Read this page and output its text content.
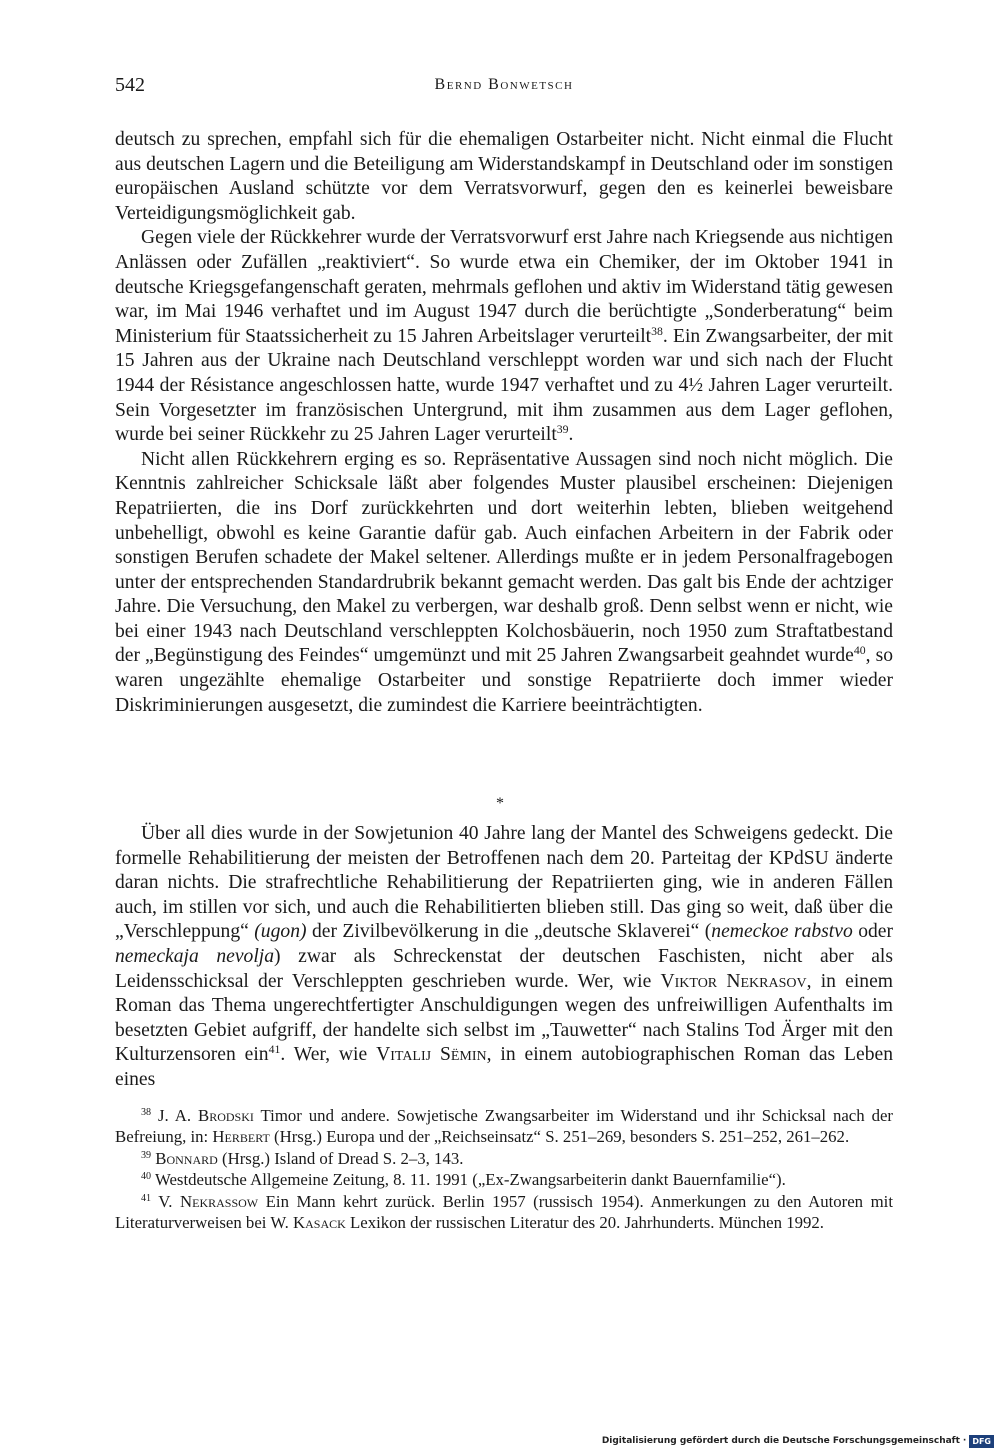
542	Bernd Bonwetsch

deutsch zu sprechen, empfahl sich für die ehemaligen Ostarbeiter nicht. Nicht einmal die Flucht aus deutschen Lagern und die Beteiligung am Widerstandskampf in Deutschland oder im sonstigen europäischen Ausland schützte vor dem Verratsvorwurf, gegen den es keinerlei beweisbare Verteidigungsmöglichkeit gab.

Gegen viele der Rückkehrer wurde der Verratsvorwurf erst Jahre nach Kriegsende aus nichtigen Anlässen oder Zufällen „reaktiviert“. So wurde etwa ein Chemiker, der im Oktober 1941 in deutsche Kriegsgefangenschaft geraten, mehrmals geflohen und aktiv im Widerstand tätig gewesen war, im Mai 1946 verhaftet und im August 1947 durch die berüchtigte „Sonderberatung“ beim Ministerium für Staatssicherheit zu 15 Jahren Arbeitslager verurteilt$^{38}$. Ein Zwangsarbeiter, der mit 15 Jahren aus der Ukraine nach Deutschland verschleppt worden war und sich nach der Flucht 1944 der Résistance angeschlossen hatte, wurde 1947 verhaftet und zu 4½ Jahren Lager verurteilt. Sein Vorgesetzter im französischen Untergrund, mit ihm zusammen aus dem Lager geflohen, wurde bei seiner Rückkehr zu 25 Jahren Lager verurteilt$^{39}$.

Nicht allen Rückkehrern erging es so. Repräsentative Aussagen sind noch nicht möglich. Die Kenntnis zahlreicher Schicksale läßt aber folgendes Muster plausibel erscheinen: Diejenigen Repatriierten, die ins Dorf zurückkehrten und dort weiterhin lebten, blieben weitgehend unbehelligt, obwohl es keine Garantie dafür gab. Auch einfachen Arbeitern in der Fabrik oder sonstigen Berufen schadete der Makel seltener. Allerdings mußte er in jedem Personalfragebogen unter der entsprechenden Standardrubrik bekannt gemacht werden. Das galt bis Ende der achtziger Jahre. Die Versuchung, den Makel zu verbergen, war deshalb groß. Denn selbst wenn er nicht, wie bei einer 1943 nach Deutschland verschleppten Kolchosbäuerin, noch 1950 zum Straftatbestand der „Begünstigung des Feindes“ umgemünzt und mit 25 Jahren Zwangsarbeit geahndet wurde$^{40}$, so waren ungezählte ehemalige Ostarbeiter und sonstige Repatriierte doch immer wieder Diskriminierungen ausgesetzt, die zumindest die Karriere beeinträchtigten.

*

Über all dies wurde in der Sowjetunion 40 Jahre lang der Mantel des Schweigens gedeckt. Die formelle Rehabilitierung der meisten der Betroffenen nach dem 20. Parteitag der KPdSU änderte daran nichts. Die strafrechtliche Rehabilitierung der Repatriierten ging, wie in anderen Fällen auch, im stillen vor sich, und auch die Rehabilitierten blieben still. Das ging so weit, daß über die „Verschleppung“ (ugon) der Zivilbevölkerung in die „deutsche Sklaverei“ (nemeckoe rabstvo oder nemeckaja nevolja) zwar als Schreckenstat der deutschen Faschisten, nicht aber als Leidensschicksal der Verschleppten geschrieben wurde. Wer, wie Viktor Nekrasov, in einem Roman das Thema ungerechtfertigter Anschuldigungen wegen des unfreiwilligen Aufenthalts im besetzten Gebiet aufgriff, der handelte sich selbst im „Tauwetter“ nach Stalins Tod Ärger mit den Kulturzensoren ein$^{41}$. Wer, wie Vitalij Sëmin, in einem autobiographischen Roman das Leben eines

$^{38}$ J. A. Brodski Timor und andere. Sowjetische Zwangsarbeiter im Widerstand und ihr Schicksal nach der Befreiung, in: Herbert (Hrsg.) Europa und der „Reichseinsatz“ S. 251–269, besonders S. 251–252, 261–262.

$^{39}$ Bonnard (Hrsg.) Island of Dread S. 2–3, 143.

$^{40}$ Westdeutsche Allgemeine Zeitung, 8. 11. 1991 („Ex-Zwangsarbeiterin dankt Bauernfamilie“).

$^{41}$ V. Nekrassow Ein Mann kehrt zurück. Berlin 1957 (russisch 1954). Anmerkungen zu den Autoren mit Literaturverweisen bei W. Kasack Lexikon der russischen Literatur des 20. Jahrhunderts. München 1992.

Digitalisierung gefördert durch die Deutsche Forschungsgemeinschaft · DFG
